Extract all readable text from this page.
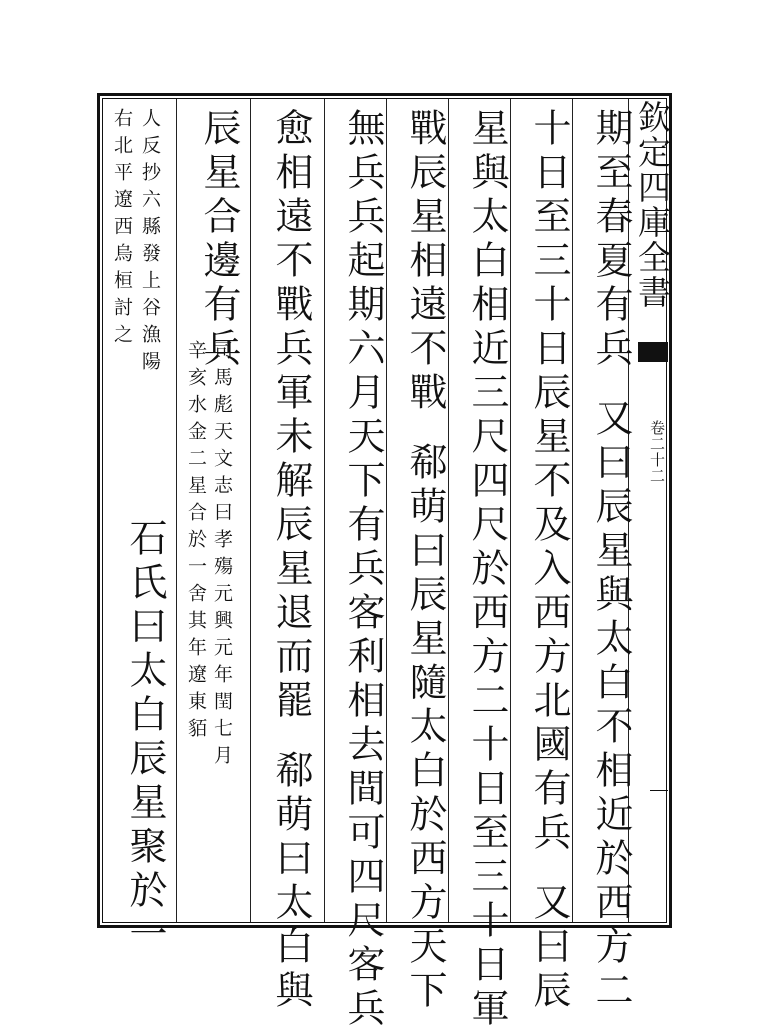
欽定四庫全書
卷二十二
期至春夏有兵又曰辰星與太白不相近於西方二
十日至三十日辰星不及入西方北國有兵又曰辰
星與太白相近三尺四尺於西方二十日至三十日軍
戰辰星相遠不戰郗萌曰辰星隨太白於西方天下
無兵兵起期六月天下有兵客利相去間可四尺客兵
愈相遠不戰兵軍未解辰星退而罷郗萌曰太白與
辰星合邊有兵
司馬彪天文志曰孝殤元興元年閏七月
辛亥水金二星合於一舍其年遼東貊
人反抄六縣發上谷漁陽
右北平遼西烏桓討之
石氏曰太白辰星聚於一
